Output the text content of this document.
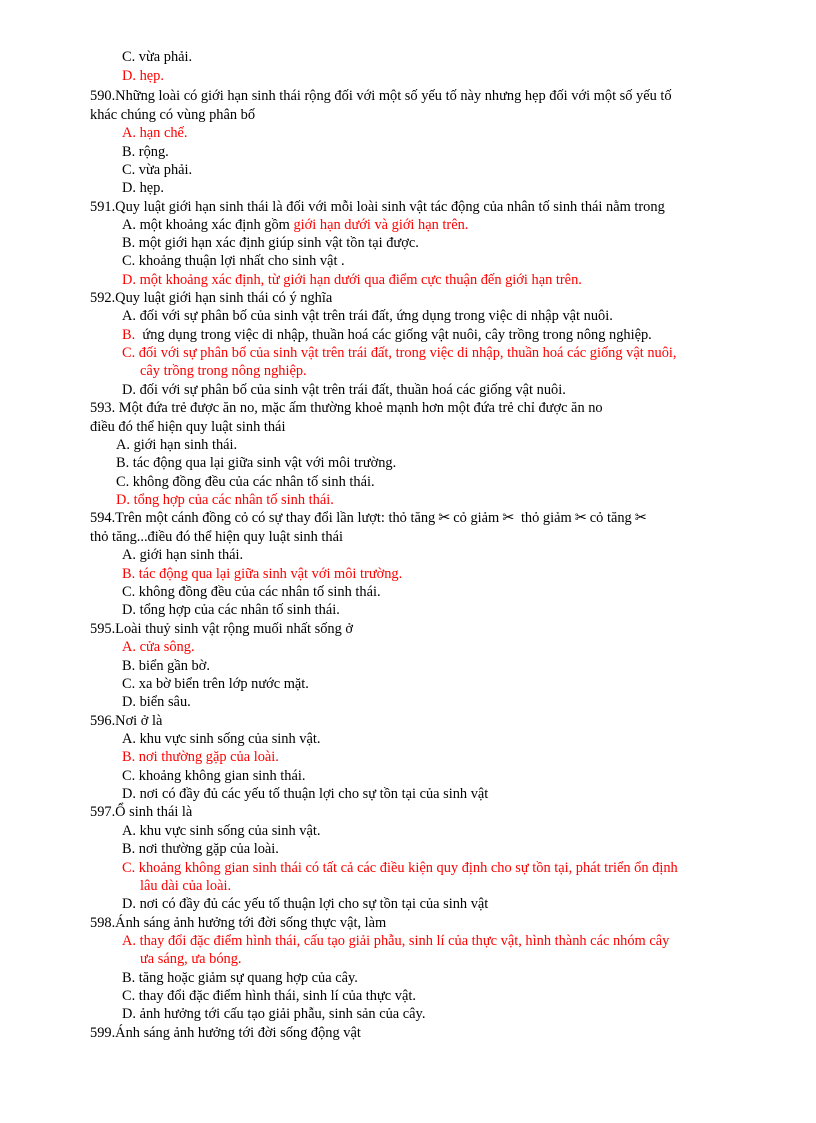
C. vừa phải.
D. hẹp.
590.Những loài có giới hạn sinh thái rộng đối với một số yếu tố này nhưng hẹp đối với một số yếu tố
khác chúng có vùng phân bố
A. hạn chế.
B. rộng.
C. vừa phải.
D. hẹp.
591.Quy luật giới hạn sinh thái là đối với mỗi loài sinh vật tác động của nhân tố sinh thái nằm trong
A. một khoảng xác định gồm giới hạn dưới và giới hạn trên.
B. một giới hạn xác định giúp sinh vật tồn tại được.
C. khoảng thuận lợi nhất cho sinh vật .
D. một khoảng xác định, từ giới hạn dưới qua điểm cực thuận đến giới hạn trên.
592.Quy luật giới hạn sinh thái có ý nghĩa
A. đối với sự phân bố của sinh vật trên trái đất, ứng dụng trong việc di nhập vật nuôi.
B. ứng dụng trong việc di nhập, thuần hoá các giống vật nuôi, cây trồng trong nông nghiệp.
C. đối với sự phân bố của sinh vật trên trái đất, trong việc di nhập, thuần hoá các giống vật nuôi,
cây trồng trong nông nghiệp.
D. đối với sự phân bố của sinh vật trên trái đất, thuần hoá các giống vật nuôi.
593. Một đứa trẻ được ăn no, mặc ấm thường khoẻ mạnh hơn một đứa trẻ chỉ được ăn no
điều đó thể hiện quy luật sinh thái
A. giới hạn sinh thái.
B. tác động qua lại giữa sinh vật với môi trường.
C. không đồng đều của các nhân tố sinh thái.
D. tổng hợp của các nhân tố sinh thái.
594.Trên một cánh đồng cỏ có sự thay đổi lần lượt: thỏ tăng ✂ cỏ giảm ✂ thỏ giảm ✂ cỏ tăng ✂
thỏ tăng...điều đó thể hiện quy luật sinh thái
A. giới hạn sinh thái.
B. tác động qua lại giữa sinh vật với môi trường.
C. không đồng đều của các nhân tố sinh thái.
D. tổng hợp của các nhân tố sinh thái.
595.Loài thuỷ sinh vật rộng muối nhất sống ở
A. cửa sông.
B. biển gần bờ.
C. xa bờ biển trên lớp nước mặt.
D. biển sâu.
596.Nơi ở là
A. khu vực sinh sống của sinh vật.
B. nơi thường gặp của loài.
C. khoảng không gian sinh thái.
D. nơi có đầy đủ các yếu tố thuận lợi cho sự tồn tại của sinh vật
597.Ổ sinh thái là
A. khu vực sinh sống của sinh vật.
B. nơi thường gặp của loài.
C. khoảng không gian sinh thái có tất cả các điều kiện quy định cho sự tồn tại, phát triển ổn định
lâu dài của loài.
D. nơi có đầy đủ các yếu tố thuận lợi cho sự tồn tại của sinh vật
598.Ánh sáng ảnh hưởng tới đời sống thực vật, làm
A. thay đổi đặc điểm hình thái, cấu tạo giải phẫu, sinh lí của thực vật, hình thành các nhóm cây
ưa sáng, ưa bóng.
B. tăng hoặc giảm sự quang hợp của cây.
C. thay đổi đặc điểm hình thái, sinh lí của thực vật.
D. ảnh hưởng tới cấu tạo giải phẫu, sinh sản của cây.
599.Ánh sáng ảnh hưởng tới đời sống động vật
